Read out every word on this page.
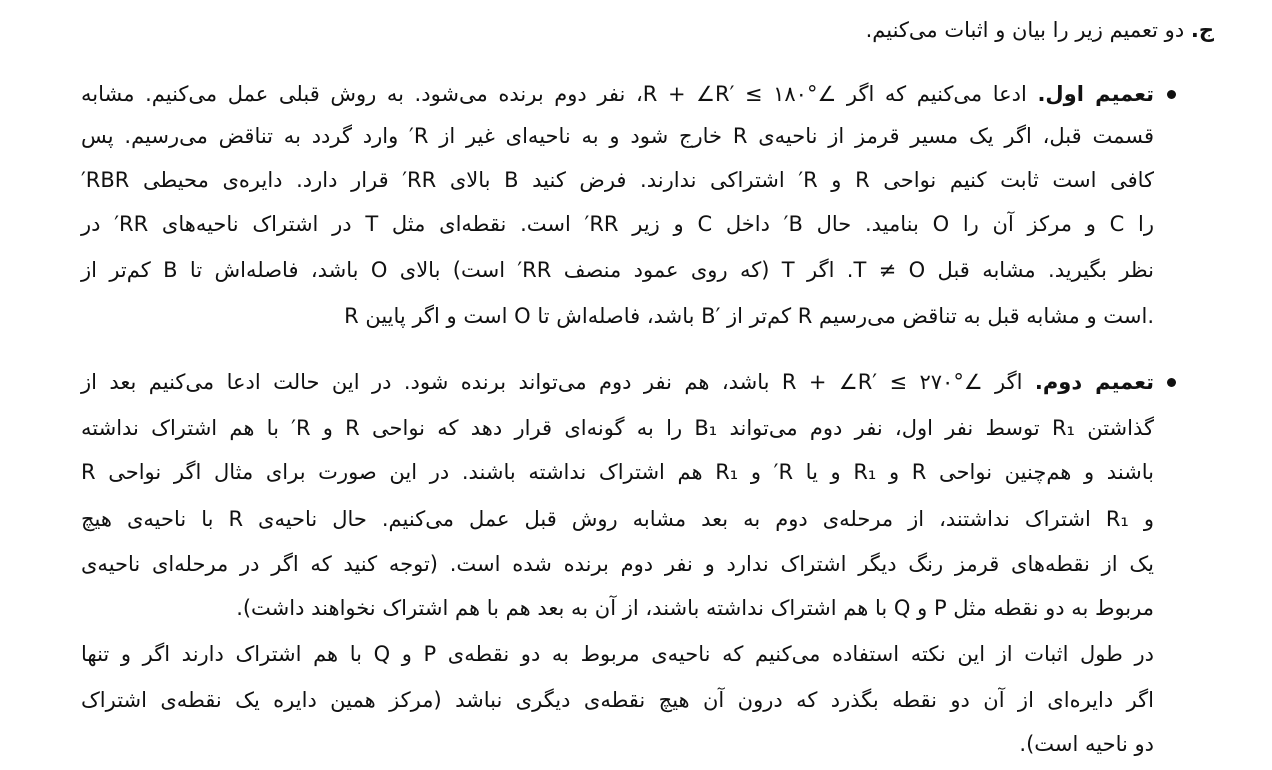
ج. دو تعمیم زیر را بیان و اثبات می‌کنیم.
تعمیم اول. ادعا می‌کنیم که اگر ∠R + ∠R′ ≤ ۱۸۰°، نفر دوم برنده می‌شود. به روش قبلی عمل می‌کنیم. مشابه
قسمت قبل، اگر یک مسیر قرمز از ناحیه‌ی R خارج شود و به ناحیه‌ای غیر از R′ وارد گردد به تناقض می‌رسیم. پس
کافی است ثابت کنیم نواحی R و R′ اشتراکی ندارند. فرض کنید B بالای RR′ قرار دارد. دایره‌ی محیطی RBR′
را C و مرکز آن را O بنامید. حال B′ داخل C و زیر RR′ است. نقطه‌ای مثل T در اشتراک ناحیه‌های RR′ در
نظر بگیرید. مشابه قبل T ≠ O. اگر T (که روی عمود منصف RR′ است) بالای O باشد، فاصله‌اش تا B کم‌تر از
R است و اگر پایین O باشد، فاصله‌اش تا B′ کم‌تر از R است و مشابه قبل به تناقض می‌رسیم.
تعمیم دوم. اگر ∠R + ∠R′ ≤ ۲۷۰° باشد، هم نفر دوم می‌تواند برنده شود. در این حالت ادعا می‌کنیم بعد از
گذاشتن R₁ توسط نفر اول، نفر دوم می‌تواند B₁ را به گونه‌ای قرار دهد که نواحی R و R′ با هم اشتراک نداشته
باشند و هم‌چنین نواحی R و R₁ و یا R′ و R₁ هم اشتراک نداشته باشند. در این صورت برای مثال اگر نواحی R
و R₁ اشتراک نداشتند، از مرحله‌ی دوم به بعد مشابه روش قبل عمل می‌کنیم. حال ناحیه‌ی R با ناحیه‌ی هیچ
یک از نقطه‌های قرمز رنگ دیگر اشتراک ندارد و نفر دوم برنده شده است. (توجه کنید که اگر در مرحله‌ای ناحیه‌ی
مربوط به دو نقطه مثل P و Q با هم اشتراک نداشته باشند، از آن به بعد هم با هم اشتراک نخواهند داشت).
در طول اثبات از این نکته استفاده می‌کنیم که ناحیه‌ی مربوط به دو نقطه‌ی P و Q با هم اشتراک دارند اگر و تنها
اگر دایره‌ای از آن دو نقطه بگذرد که درون آن هیچ نقطه‌ی دیگری نباشد (مرکز همین دایره یک نقطه‌ی اشتراک
دو ناحیه است).
